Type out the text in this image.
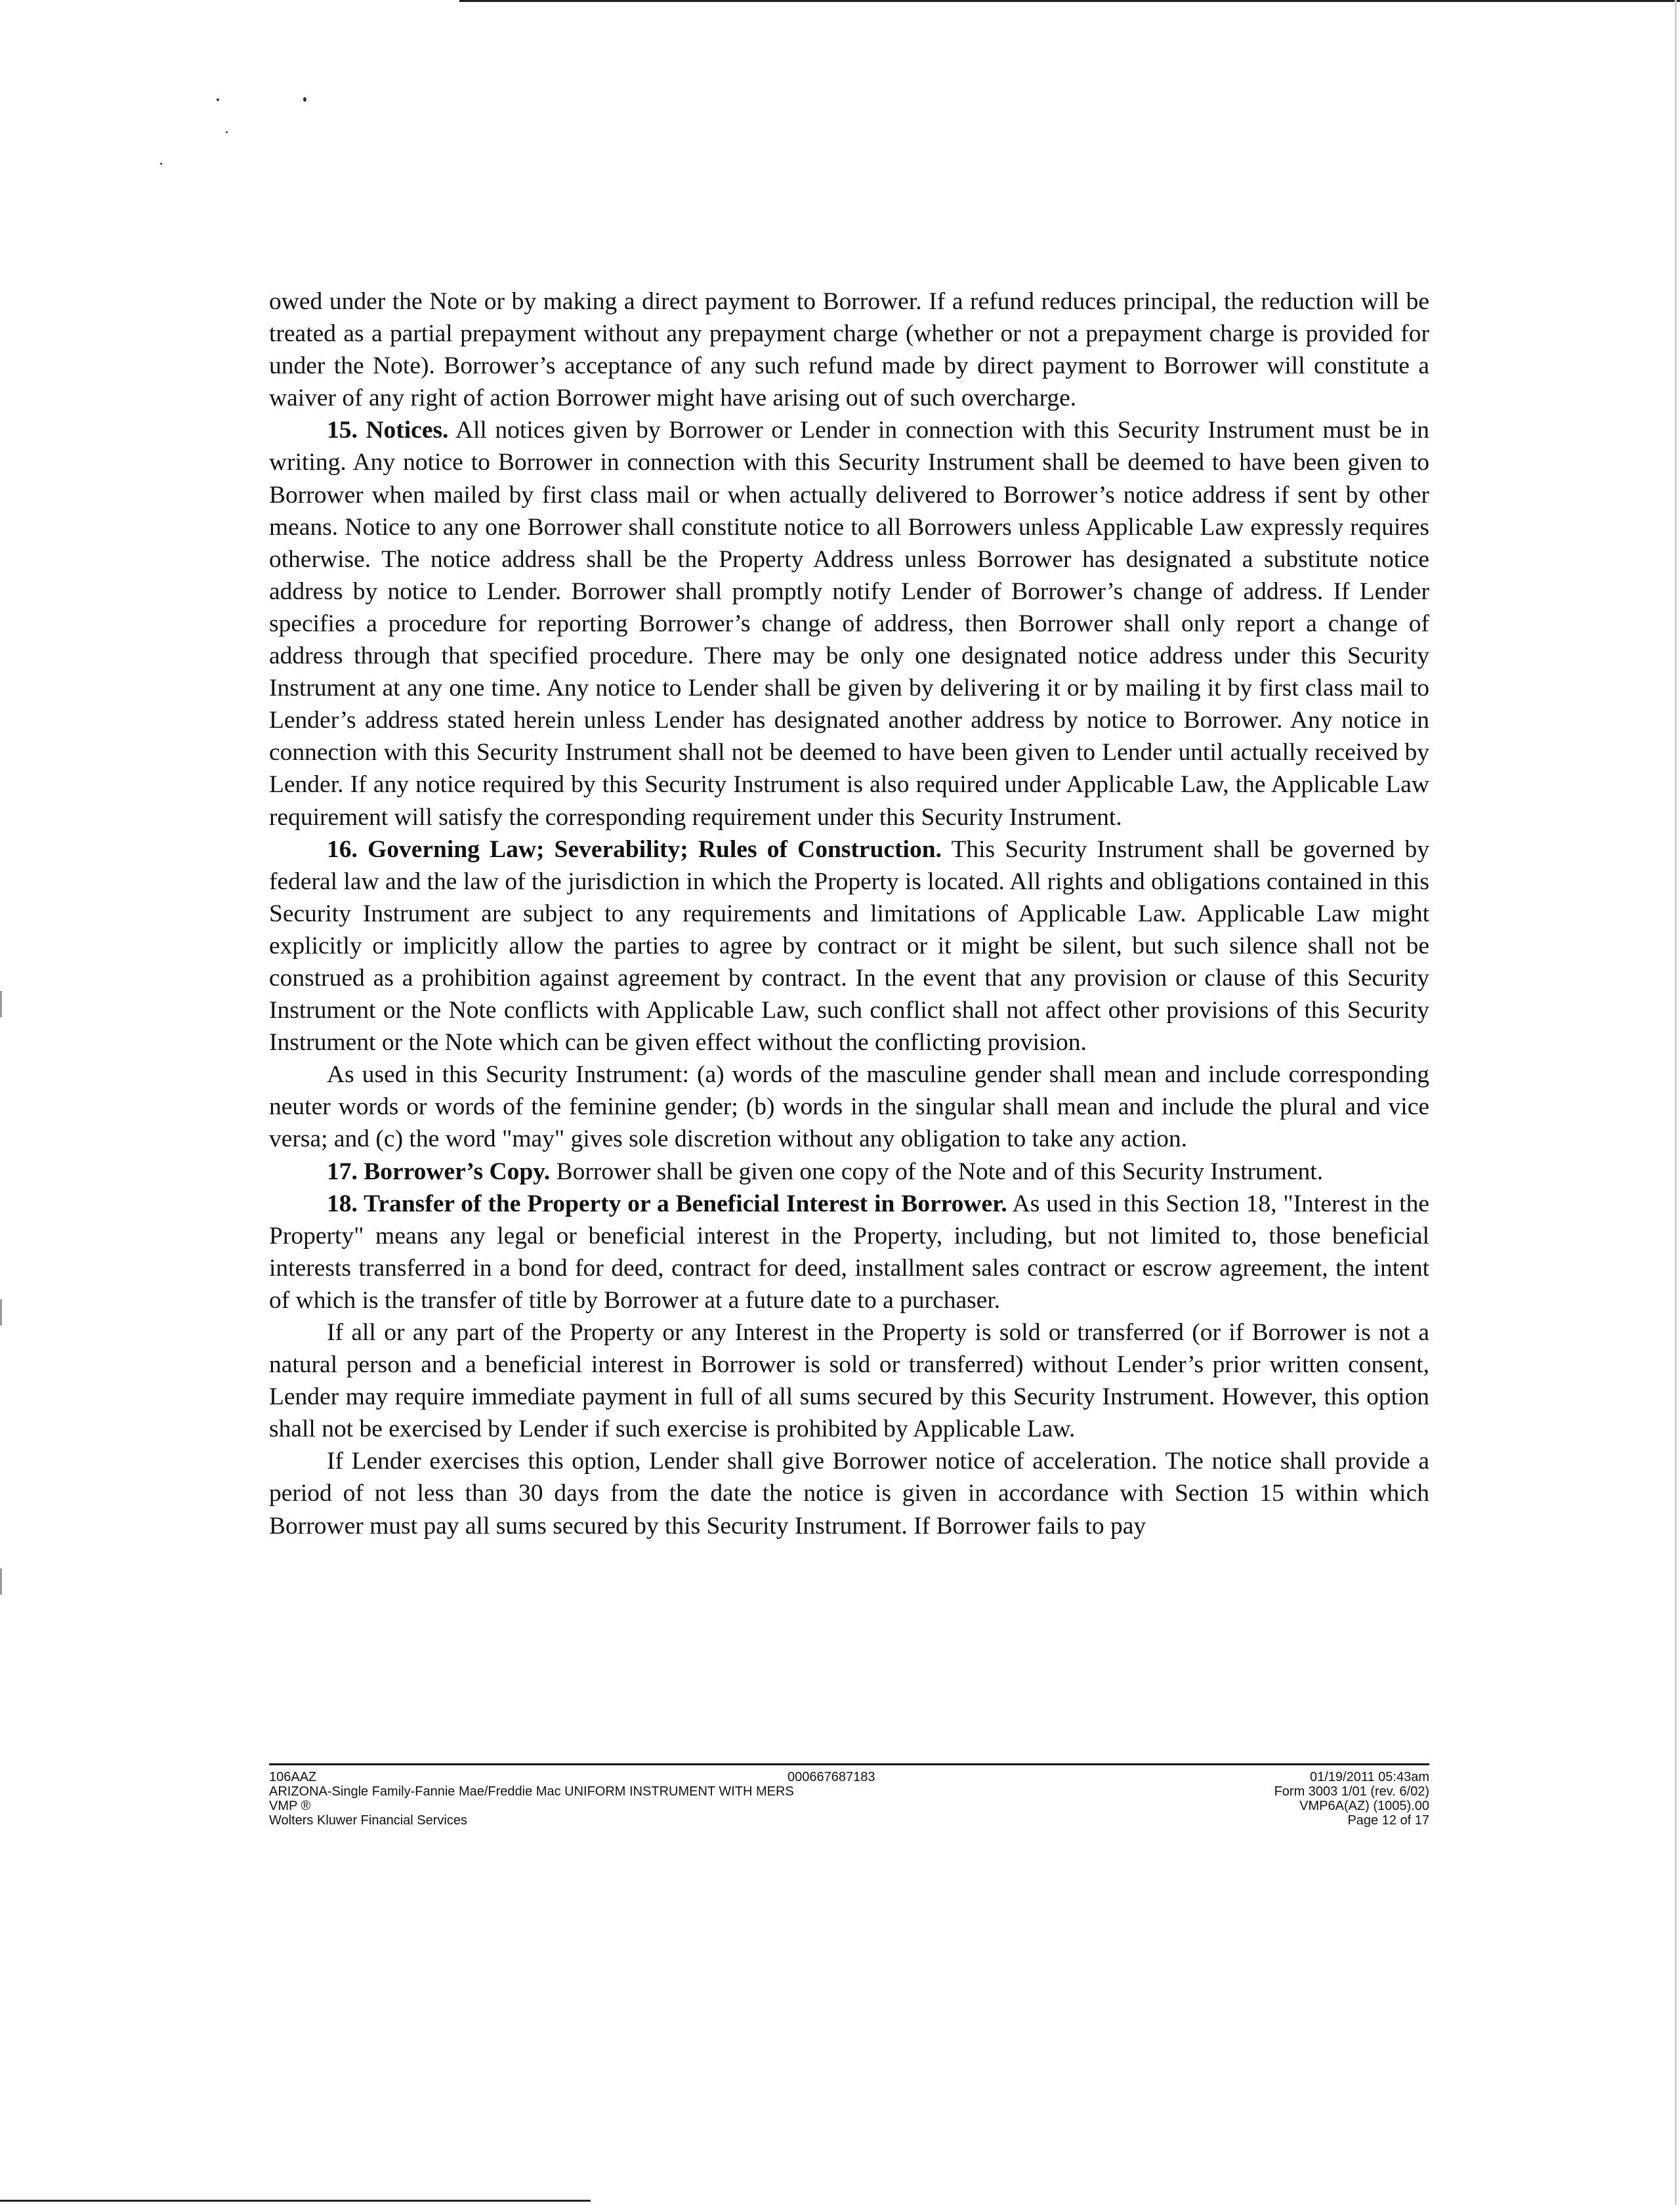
owed under the Note or by making a direct payment to Borrower. If a refund reduces principal, the reduction will be treated as a partial prepayment without any prepayment charge (whether or not a prepayment charge is provided for under the Note). Borrower’s acceptance of any such refund made by direct payment to Borrower will constitute a waiver of any right of action Borrower might have arising out of such overcharge.

15. Notices. All notices given by Borrower or Lender in connection with this Security Instrument must be in writing. Any notice to Borrower in connection with this Security Instrument shall be deemed to have been given to Borrower when mailed by first class mail or when actually delivered to Borrower’s notice address if sent by other means. Notice to any one Borrower shall constitute notice to all Borrowers unless Applicable Law expressly requires otherwise. The notice address shall be the Property Address unless Borrower has designated a substitute notice address by notice to Lender. Borrower shall promptly notify Lender of Borrower’s change of address. If Lender specifies a procedure for reporting Borrower’s change of address, then Borrower shall only report a change of address through that specified procedure. There may be only one designated notice address under this Security Instrument at any one time. Any notice to Lender shall be given by delivering it or by mailing it by first class mail to Lender’s address stated herein unless Lender has designated another address by notice to Borrower. Any notice in connection with this Security Instrument shall not be deemed to have been given to Lender until actually received by Lender. If any notice required by this Security Instrument is also required under Applicable Law, the Applicable Law requirement will satisfy the corresponding requirement under this Security Instrument.

16. Governing Law; Severability; Rules of Construction. This Security Instrument shall be governed by federal law and the law of the jurisdiction in which the Property is located. All rights and obligations contained in this Security Instrument are subject to any requirements and limitations of Applicable Law. Applicable Law might explicitly or implicitly allow the parties to agree by contract or it might be silent, but such silence shall not be construed as a prohibition against agreement by contract. In the event that any provision or clause of this Security Instrument or the Note conflicts with Applicable Law, such conflict shall not affect other provisions of this Security Instrument or the Note which can be given effect without the conflicting provision.

As used in this Security Instrument: (a) words of the masculine gender shall mean and include corresponding neuter words or words of the feminine gender; (b) words in the singular shall mean and include the plural and vice versa; and (c) the word "may" gives sole discretion without any obligation to take any action.

17. Borrower’s Copy. Borrower shall be given one copy of the Note and of this Security Instrument.

18. Transfer of the Property or a Beneficial Interest in Borrower. As used in this Section 18, "Interest in the Property" means any legal or beneficial interest in the Property, including, but not limited to, those beneficial interests transferred in a bond for deed, contract for deed, installment sales contract or escrow agreement, the intent of which is the transfer of title by Borrower at a future date to a purchaser.

If all or any part of the Property or any Interest in the Property is sold or transferred (or if Borrower is not a natural person and a beneficial interest in Borrower is sold or transferred) without Lender’s prior written consent, Lender may require immediate payment in full of all sums secured by this Security Instrument. However, this option shall not be exercised by Lender if such exercise is prohibited by Applicable Law.

If Lender exercises this option, Lender shall give Borrower notice of acceleration. The notice shall provide a period of not less than 30 days from the date the notice is given in accordance with Section 15 within which Borrower must pay all sums secured by this Security Instrument. If Borrower fails to pay

106AAZ
ARIZONA-Single Family-Fannie Mae/Freddie Mac UNIFORM INSTRUMENT WITH MERS
VMP ®
Wolters Kluwer Financial Services
000667687183	01/19/2011 05:43am
Form 3003 1/01 (rev. 6/02)
VMP6A(AZ) (1005).00
Page 12 of 17
